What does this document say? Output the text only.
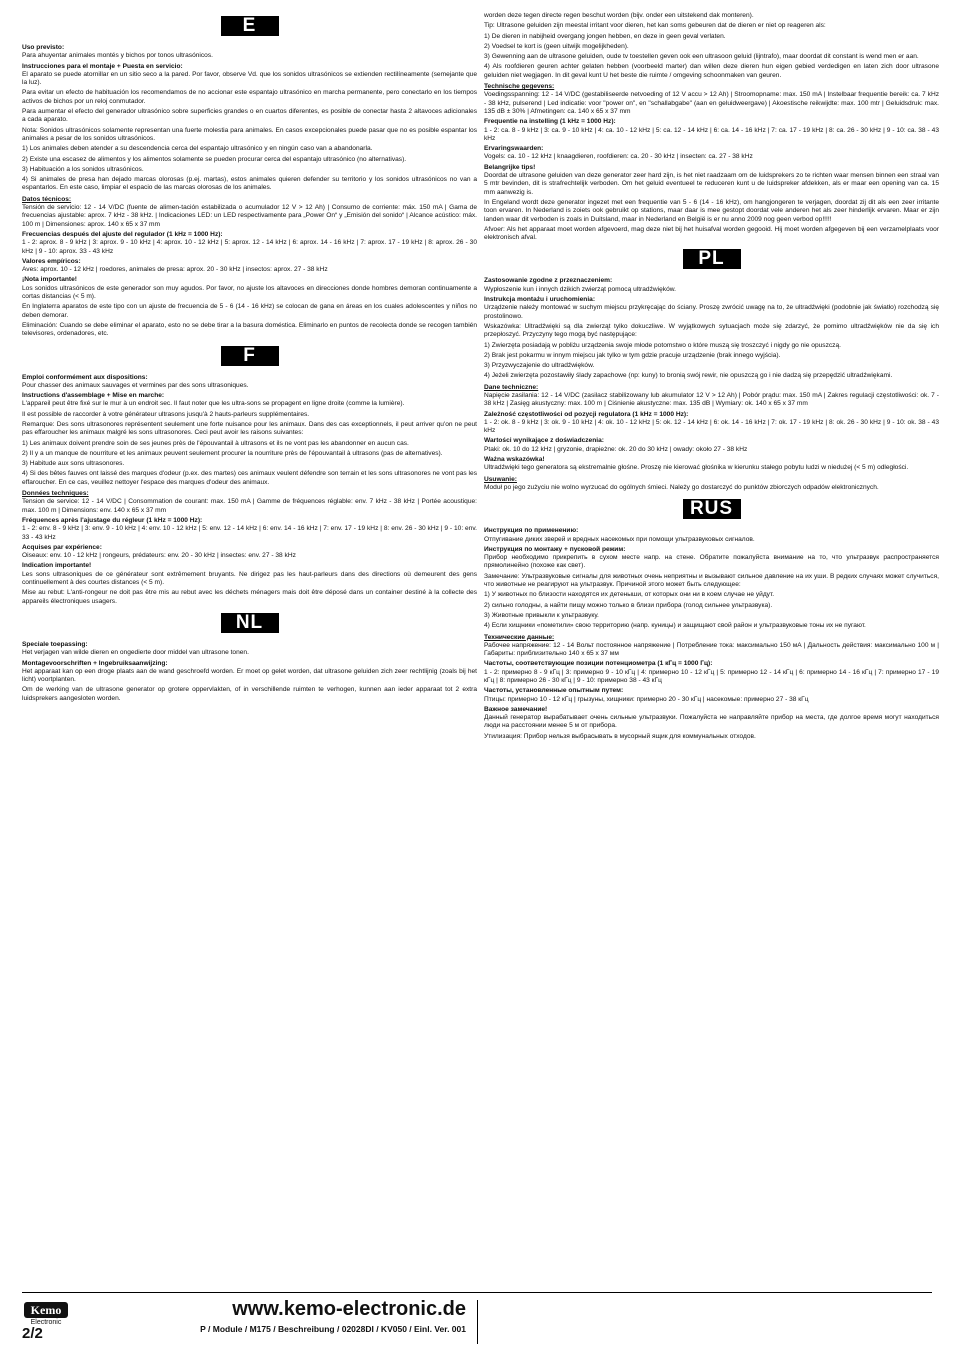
E
Uso previsto:

Para ahuyentar animales montés y bichos por tonos ultrasónicos.

Instrucciones para el montaje + Puesta en servicio:

El aparato se puede atornillar en un sitio seco a la pared. Por favor, observe Vd. que los sonidos ultrasónicos se extienden rectilíneamente (semejante que la luz).

Para evitar un efecto de habituación los recomendamos de no accionar este espantajo ultrasónico en marcha permanente, pero conectarlo en los tiempos activos de bichos por un reloj conmutador.

Para aumentar el efecto del generador ultrasónico sobre superficies grandes o en cuartos diferentes, es posible de conectar hasta 2 altavoces adicionales a cada aparato.

Nota: Sonidos ultrasónicos solamente representan una fuerte molestia para animales. En casos excepcionales puede pasar que no es posible espantar los animales a pesar de los sonidos ultrasónicos.

1) Los animales deben atender a su descendencia cerca del espantajo ultrasónico y en ningún caso van a abandonarla.

2) Existe una escasez de alimentos y los alimentos solamente se pueden procurar cerca del espantajo ultrasónico (no alternativas).

3) Habituación a los sonidos ultrasónicos.

4) Si animales de presa han dejado marcas olorosas (p.ej. martas), estos animales quieren defender su territorio y los sonidos ultrasónicos no van a espantarlos. En este caso, limpiar el espacio de las marcas olorosas de los animales.

Datos técnicos:

Tensión de servicio: 12 - 14 V/DC (fuente de alimen-tación estabilizada o acumulador 12 V > 12 Ah) | Consumo de corriente: máx. 150 mA | Gama de frecuencias ajustable: aprox. 7 kHz - 38 kHz. | Indicaciones LED: un LED respectivamente para „Power On“ y „Emisión del sonido“ | Alcance acústico: máx. 100 m | Dimensiones: aprox. 140 x 65 x 37 mm

Frecuencias después del ajuste del regulador (1 kHz = 1000 Hz):

1 - 2: aprox. 8 - 9 kHz | 3: aprox. 9 - 10 kHz | 4: aprox. 10 - 12 kHz | 5: aprox. 12 - 14 kHz | 6: aprox. 14 - 16 kHz | 7: aprox. 17 - 19 kHz | 8: aprox. 26 - 30 kHz | 9 - 10: aprox. 33 - 43 kHz

Valores empíricos:

Aves: aprox. 10 - 12 kHz | roedores, animales de presa: aprox. 20 - 30 kHz | insectos: aprox. 27 - 38 kHz

¡Nota importante!

Los sonidos ultrasónicos de este generador son muy agudos. Por favor, no ajuste los altavoces en direcciones donde hombres demoran continuamente a cortas distancias (< 5 m).

En Inglaterra aparatos de este tipo con un ajuste de frecuencia de 5 - 6 (14 - 16 kHz) se colocan de gana en áreas en los cuales adolescentes y niños no deben demorar.

Eliminación: Cuando se debe eliminar el aparato, esto no se debe tirar a la basura doméstica. Eliminarlo en puntos de recolecta donde se recogen también televisores, ordenadores, etc.

F
Emploi conformément aux dispositions:

Pour chasser des animaux sauvages et vermines par des sons ultrasoniques.

Instructions d'assemblage + Mise en marche:

L'appareil peut être fixé sur le mur à un endroit sec. Il faut noter que les ultra-sons se propagent en ligne droite (comme la lumière).

Il est possible de raccorder à votre générateur ultrasons jusqu'à 2 hauts-parleurs supplémentaires.

Remarque: Des sons ultrasonores représentent seulement une forte nuisance pour les animaux. Dans des cas exceptionnels, il peut arriver qu'on ne peut pas effaroucher les animaux malgré les sons ultrasonores. Ceci peut avoir les raisons suivantes:

1) Les animaux doivent prendre soin de ses jeunes près de l'épouvantail à ultrasons et ils ne vont pas les abandonner en aucun cas.

2) Il y a un manque de nourriture et les animaux peuvent seulement procurer la nourriture près de l'épouvantail à ultrasons (pas de alternatives).

3) Habitude aux sons ultrasonores.

4) Si des bêtes fauves ont laissé des marques d'odeur (p.ex. des martes) ces animaux veulent défendre son terrain et les sons ultrasonores ne vont pas les effaroucher. En ce cas, veuillez nettoyer l'espace des marques d'odeur des animaux.

Données techniques:

Tension de service: 12 - 14 V/DC | Consommation de courant: max. 150 mA | Gamme de fréquences réglable: env. 7 kHz - 38 kHz | Portée acoustique: max. 100 m | Dimensions: env. 140 x 65 x 37 mm

Fréquences après l'ajustage du régleur (1 kHz = 1000 Hz):

1 - 2: env. 8 - 9 kHz | 3: env. 9 - 10 kHz | 4: env. 10 - 12 kHz | 5: env. 12 - 14 kHz | 6: env. 14 - 16 kHz | 7: env. 17 - 19 kHz | 8: env. 26 - 30 kHz | 9 - 10: env. 33 - 43 kHz

Acquises par expérience:

Oiseaux: env. 10 - 12 kHz | rongeurs, prédateurs: env. 20 - 30 kHz | insectes: env. 27 - 38 kHz

Indication importante!

Les sons ultrasoniques de ce générateur sont extrêmement bruyants. Ne dirigez pas les haut-parleurs dans des directions où demeurent des gens continuellement à des courtes distances (< 5 m).

Mise au rebut: L'anti-rongeur ne doit pas être mis au rebut avec les déchets ménagers mais doit être déposé dans un container destiné à la collecte des appareils électroniques usagers.

NL
Speciale toepassing:

Het verjagen van wilde dieren en ongedierte door middel van ultrasone tonen.

Montagevoorschriften + Ingebruiksaanwijzing:

Het apparaat kan op een droge plaats aan de wand geschroefd worden. Er moet op gelet worden, dat ultrasone geluiden zich zeer rechtlijnig (zoals bij het licht) voortplanten.

Om de werking van de ultrasone generator op grotere oppervlakten, of in verschillende ruimten te verhogen, kunnen aan ieder apparaat tot 2 extra luidsprekers aangesloten worden.

worden deze tegen directe regen beschut worden (bijv. onder een uitstekend dak monteren).

Tip: Ultrasone geluiden zijn meestal irritant voor dieren, het kan soms gebeuren dat de dieren er niet op reageren als:

1) De dieren in nabijheid overgang jongen hebben, en deze in geen geval verlaten.

2) Voedsel te kort is (geen uitwijk mogelijkheden).

3) Gewenning aan de ultrasone geluiden, oude tv toestellen geven ook een ultrasoon geluid (lijntrafo), maar doordat dit constant is wend men er aan.

4) Als roofdieren geuren achter gelaten hebben (voorbeeld marter) dan willen deze dieren hun eigen gebied verdedigen en laten zich door ultrasone geluiden niet wegjagen. In dit geval kunt U het beste die ruimte / omgeving schoonmaken van geuren.

Technische gegevens:

Voedingsspanning: 12 - 14 V/DC (gestabiliseerde netvoeding of 12 V accu > 12 Ah) | Stroomopname: max. 150 mA | Instelbaar frequentie bereik: ca. 7 kHz - 38 kHz, pulserend | Led indicatie: voor "power on", en "schallabgabe" (aan en geluidweergave) | Akoestische reikwijdte: max. 100 mtr | Geluidsdruk: max. 135 dB ± 30% | Afmetingen: ca. 140 x 65 x 37 mm

Frequentie na instelling (1 kHz = 1000 Hz):

1 - 2: ca. 8 - 9 kHz | 3: ca. 9 - 10 kHz | 4: ca. 10 - 12 kHz | 5: ca. 12 - 14 kHz | 6: ca. 14 - 16 kHz | 7: ca. 17 - 19 kHz | 8: ca. 26 - 30 kHz | 9 - 10: ca. 38 - 43 kHz

Ervaringswaarden:

Vogels: ca. 10 - 12 kHz | knaagdieren, roofdieren: ca. 20 - 30 kHz | insecten: ca. 27 - 38 kHz

Belangrijke tips!

Doordat de ultrasone geluiden van deze generator zeer hard zijn, is het niet raadzaam om de luidsprekers zo te richten waar mensen binnen een straal van 5 mtr bevinden, dit is strafrechtelijk verboden. Om het geluid eventueel te reduceren kunt u de luidspreker afdekken, als er maar een opening van ca. 15 mm aanwezig is.

In Engeland wordt deze generator ingezet met een frequentie van 5 - 6 (14 - 16 kHz), om hangjongeren te verjagen, doordat zij dit als een zeer irritante toon ervaren. In Nederland is zoiets ook gebruikt op stations, maar daar is mee gestopt doordat vele anderen het als zeer hinderlijk ervaren. Maar er zijn landen waar dit verboden is zoals in Duitsland, maar in Nederland en België is er nu anno 2009 nog geen verbod op!!!!!

Afvoer: Als het apparaat moet worden afgevoerd, mag deze niet bij het huisafval worden gegooid. Hij moet worden afgegeven bij een verzamelplaats voor elektronisch afval.

PL
Zastosowanie zgodne z przeznaczeniem:

Wypłoszenie kun i innych dzikich zwierząt pomocą ultradźwięków.

Instrukcja montażu i uruchomienia:

Urządzenie należy montować w suchym miejscu przykręcając do ściany. Proszę zwrócić uwagę na to, że ultradźwięki (podobnie jak światło) rozchodzą się prostolinowo.

Wskazówka: Ultradźwięki są dla zwierząt tylko dokuczliwe. W wyjątkowych sytuacjach może się zdarzyć, że pomimo ultradźwięków nie da się ich przepłoszyć. Przyczyny tego mogą być następujące:

1) Zwierzęta posiadają w pobliżu urządzenia swoje młode potomstwo o które muszą się troszczyć i nigdy go nie opuszczą.

2) Brak jest pokarmu w innym miejscu jak tylko w tym gdzie pracuje urządzenie (brak innego wyjścia).

3) Przyzwyczajenie do ultradźwięków.

4) Jeżeli zwierzęta pozostawiły ślady zapachowe (np: kuny) to bronią swój rewir, nie opuszczą go i nie dadzą się przepędzić ultradźwiękami.

Dane techniczne:

Napięcie zasilania: 12 - 14 V/DC (zasilacz stabilizowany lub akumulator 12 V > 12 Ah) | Pobór prądu: max. 150 mA | Zakres regulacji częstotliwości: ok. 7 - 38 kHz | Zasięg akustyczny: max. 100 m | Ciśnienie akustyczne: max. 135 dB | Wymiary: ok. 140 x 65 x 37 mm

Zależność częstotliwości od pozycji regulatora (1 kHz = 1000 Hz):

1 - 2: ok. 8 - 9 kHz | 3: ok. 9 - 10 kHz | 4: ok. 10 - 12 kHz | 5: ok. 12 - 14 kHz | 6: ok. 14 - 16 kHz | 7: ok. 17 - 19 kHz | 8: ok. 26 - 30 kHz | 9 - 10: ok. 38 - 43 kHz

Wartości wynikające z doświadczenia:

Ptaki: ok. 10 do 12 kHz | gryzonie, drapieżne: ok. 20 do 30 kHz | owady: około 27 - 38 kHz

Ważna wskazówka!

Ultradźwięki tego generatora są ekstremalnie głośne. Proszę nie kierować głośnika w kierunku stałego pobytu ludzi w niedużej (< 5 m) odległości.

Usuwanie:

Moduł po jego zużyciu nie wolno wyrzucać do ogólnych śmieci. Należy go dostarczyć do punktów zbiorczych odpadów elektronicznych.

RUS
Инструкция по применению:

Отпугивание диких зверей и вредных насекомых при помощи ультразвуковых сигналов.

Инструкция по монтажу + пусковой режим:

Прибор необходимо прикрепить в сухом месте напр. на стене. Обратите пожалуйста внимание на то, что ультразвук распространяется прямолинейно (похоже как свет).

Замечание: Ультразвуковые сигналы для животных очень неприятны и вызывают сильное давление на их уши. В редких случаях может случиться, что животные не реагируют на ультразвук. Причиной этого может быть следующее:

1) У животных по близости находятся их детеныши, от которых они ни в коем случае не уйдут.

2) сильно голодны, а найти пищу можно только в близи прибора (голод сильнее ультразвука).

3) Животные привыкли к ультразвуку.

4) Если хищники «пометили» свою территорию (напр. куницы) и защищают свой район и ультразвуковые тоны их не пугают.

Технические данные:

Рабочее напряжение: 12 - 14 Вольт постоянное напряжение | Потребление тока: максимально 150 мА | Дальность действия: максимально 100 м | Габариты: приблизительно 140 х 65 х 37 мм

Частоты, соответствующие позиции потенциометра (1 кГц = 1000 Гц):

1 - 2: примерно 8 - 9 кГц | 3: примерно 9 - 10 кГц | 4: примерно 10 - 12 кГц | 5: примерно 12 - 14 кГц | 6: примерно 14 - 16 кГц | 7: примерно 17 - 19 кГц | 8: примерно 26 - 30 кГц | 9 - 10: примерно 38 - 43 кГц

Частоты, установленные опытным путем:

Птицы: примерно 10 - 12 кГц | грызуны, хищники: примерно 20 - 30 кГц | насекомые: примерно 27 - 38 кГц

Важное замечание!

Данный генератор вырабатывает очень сильные ультразвуки. Пожалуйста не направляйте прибор на места, где долгое время могут находиться люди на расстоянии менее 5 м от прибора.

Утилизация: Прибор нельзя выбрасывать в мусорный ящик для коммунальных отходов.

Kemo
Electronic
2/2
www.kemo-electronic.de
P / Module / M175 / Beschreibung / 02028DI / KV050 / Einl. Ver. 001
